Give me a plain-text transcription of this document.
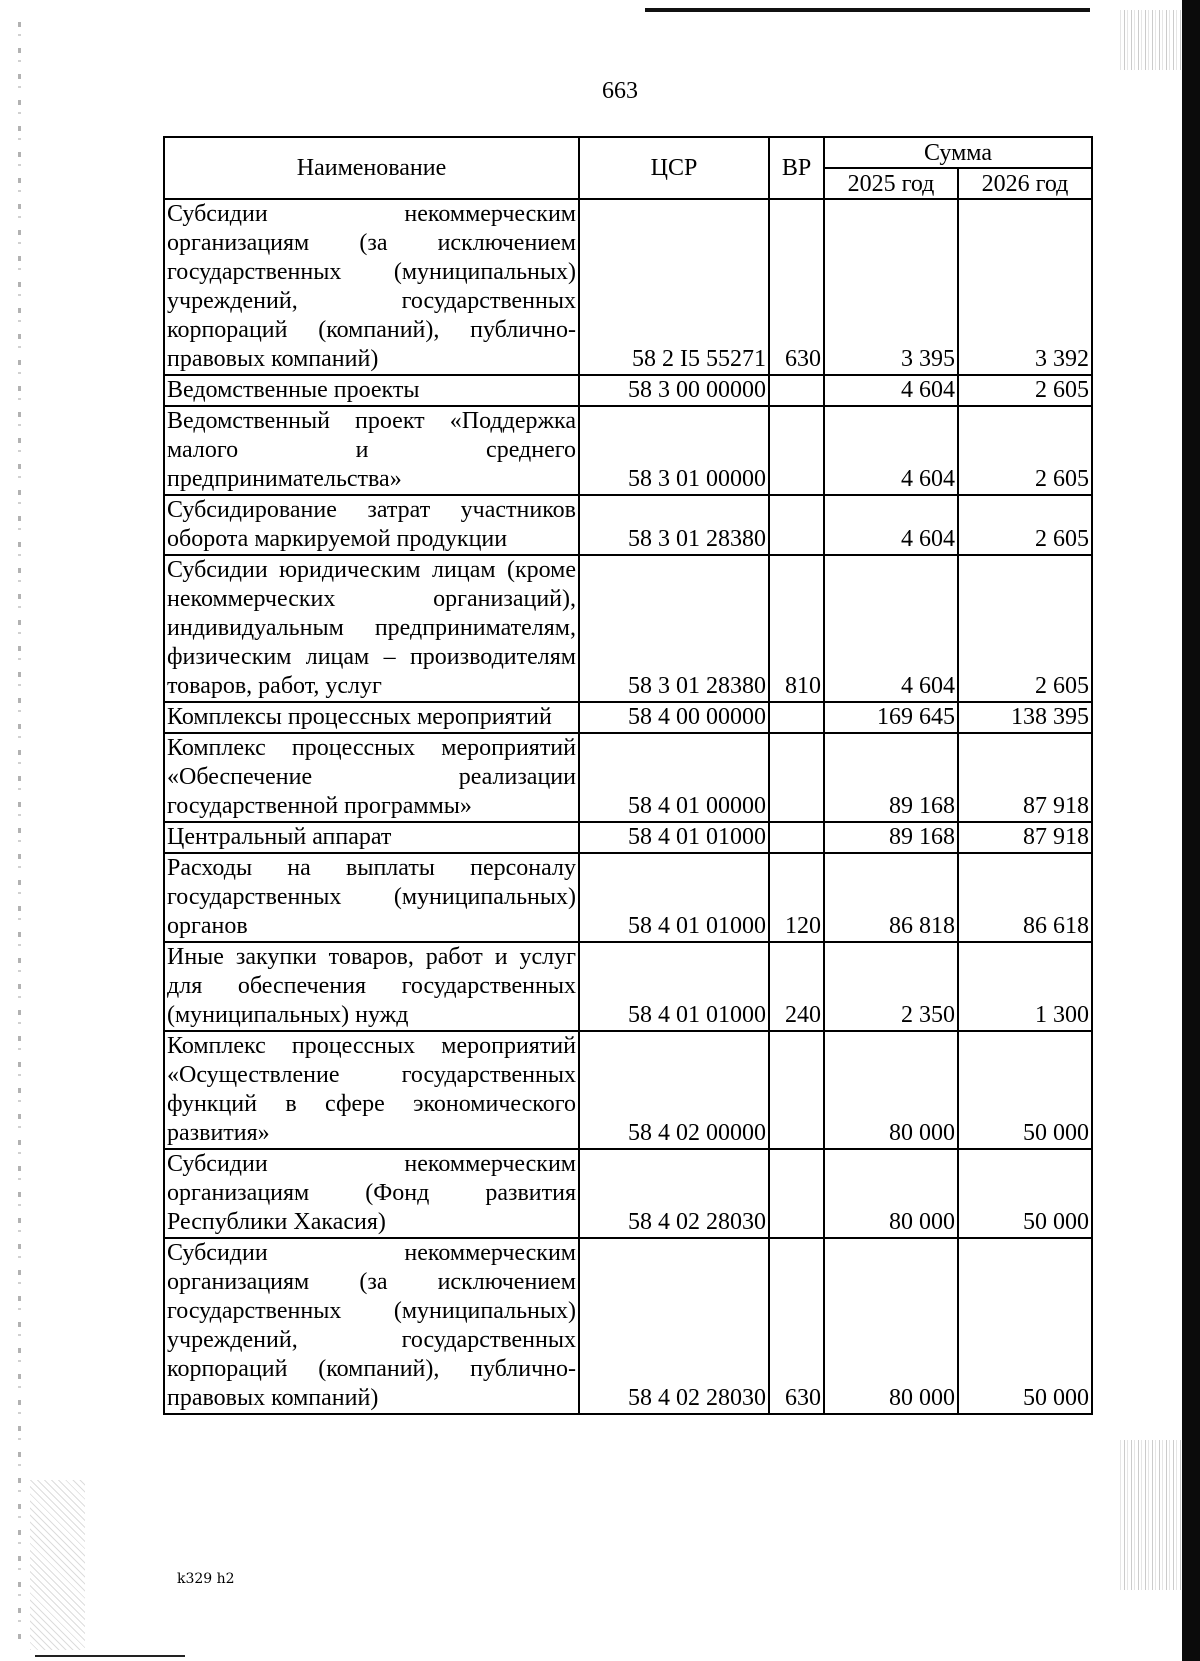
663
Наименование	ЦСР	ВР	Сумма	
			2025 год	2026 год
Субсидии некоммерческим организациям (за исключением государственных (муниципальных) учреждений, государственных корпораций (компаний), публично-правовых компаний)	58 2 I5 55271	630	3 395	3 392
Ведомственные проекты	58 3 00 00000		4 604	2 605
Ведомственный проект «Поддержка малого и среднего предпринимательства»	58 3 01 00000		4 604	2 605
Субсидирование затрат участников оборота маркируемой продукции	58 3 01 28380		4 604	2 605
Субсидии юридическим лицам (кроме некоммерческих организаций), индивидуальным предпринимателям, физическим лицам – производителям товаров, работ, услуг	58 3 01 28380	810	4 604	2 605
Комплексы процессных мероприятий	58 4 00 00000		169 645	138 395
Комплекс процессных мероприятий «Обеспечение реализации государственной программы»	58 4 01 00000		89 168	87 918
Центральный аппарат	58 4 01 01000		89 168	87 918
Расходы на выплаты персоналу государственных (муниципальных) органов	58 4 01 01000	120	86 818	86 618
Иные закупки товаров, работ и услуг для обеспечения государственных (муниципальных) нужд	58 4 01 01000	240	2 350	1 300
Комплекс процессных мероприятий «Осуществление государственных функций в сфере экономического развития»	58 4 02 00000		80 000	50 000
Субсидии некоммерческим организациям (Фонд развития Республики Хакасия)	58 4 02 28030		80 000	50 000
Субсидии некоммерческим организациям (за исключением государственных (муниципальных) учреждений, государственных корпораций (компаний), публично-правовых компаний)	58 4 02 28030	630	80 000	50 000
k329 h2
